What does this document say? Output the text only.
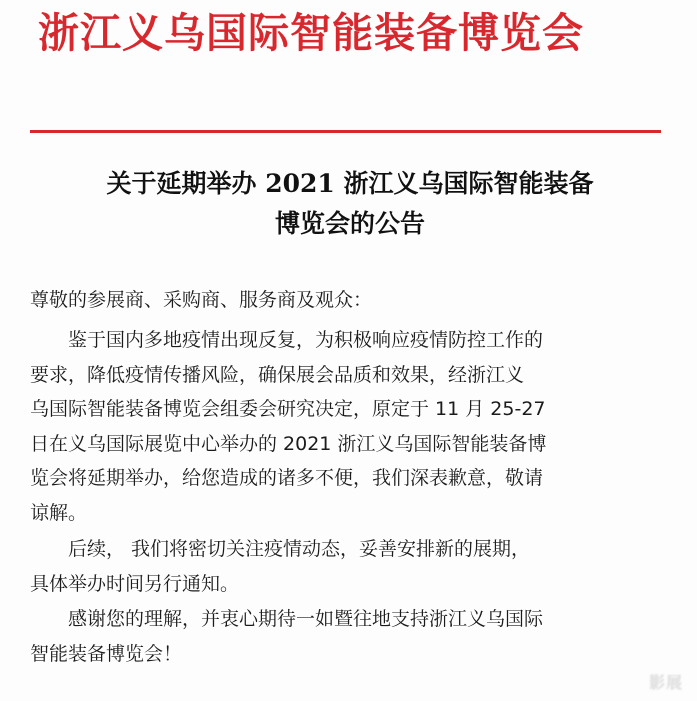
浙江义乌国际智能装备博览会
关于延期举办 2021 浙江义乌国际智能装备
博览会的公告
尊敬的参展商、采购商、服务商及观众：
鉴于国内多地疫情出现反复，为积极响应疫情防控工作的
要求，降低疫情传播风险，确保展会品质和效果，经浙江义
乌国际智能装备博览会组委会研究决定，原定于 11 月 25-27
日在义乌国际展览中心举办的 2021 浙江义乌国际智能装备博
览会将延期举办，给您造成的诸多不便，我们深表歉意，敬请
谅解。
后续， 我们将密切关注疫情动态，妥善安排新的展期，
具体举办时间另行通知。
感谢您的理解，并衷心期待一如暨往地支持浙江义乌国际
智能装备博览会！
影展
